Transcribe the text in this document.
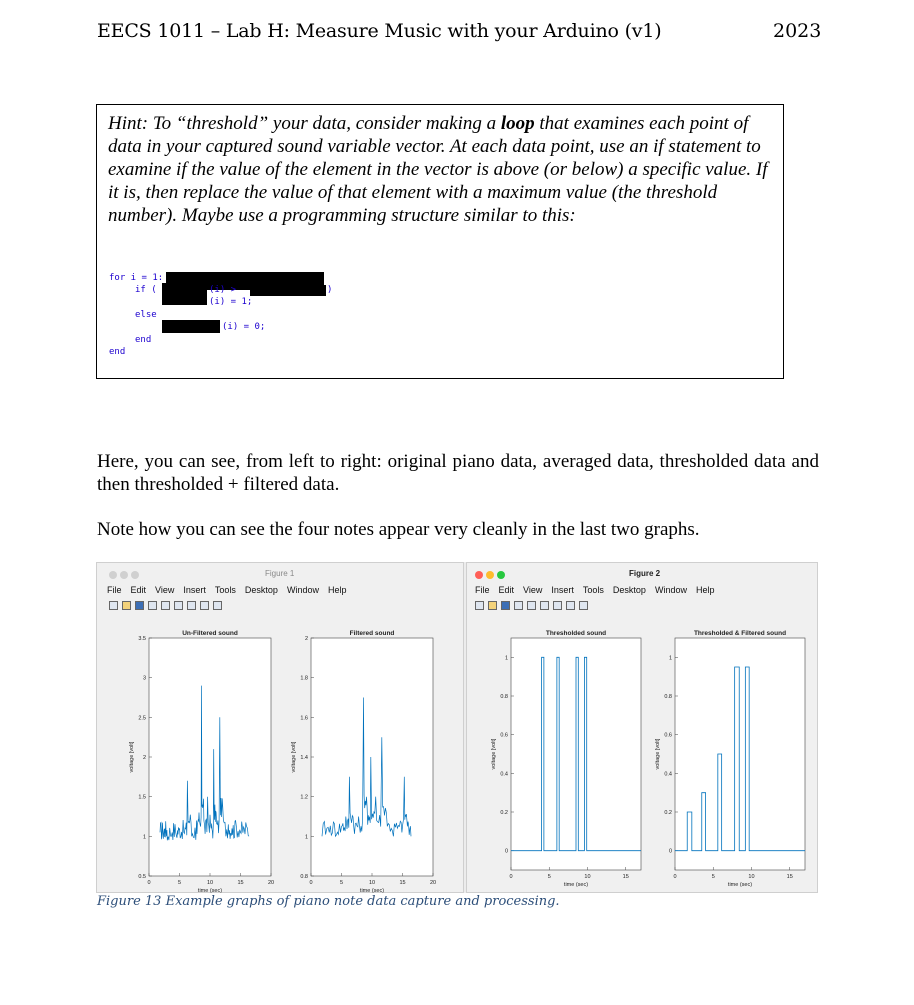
EECS 1011 – Lab H: Measure Music with your Arduino (v1)	2023
Hint: To “threshold” your data, consider making a loop that examines each point of data in your captured sound variable vector. At each data point, use an if statement to examine if the value of the element in the vector is above (or below) a specific value. If it is, then replace the value of that element with a maximum value (the threshold number). Maybe use a programming structure similar to this:
for i = 1:
if (	(i) >	)
(i) = 1;
else
(i) = 0;
end
end
Here, you can see, from left to right: original piano data, averaged data, thresholded data and then thresholded + filtered data.
Note how you can see the four notes appear very cleanly in the last two graphs.
Figure 1
File Edit View Insert Tools Desktop Window Help
Un-Filtered sound
0	5	10	15	20
0.5
1
1.5
2
2.5
3
3.5
time (sec)
voltage [volt]
Filtered sound
0	5	10	15	20
0.8
1
1.2
1.4
1.6
1.8
2
time (sec)
voltage [volt]
Figure 2
File Edit View Insert Tools Desktop Window Help
Thresholded sound
0	5	10	15
0
0.2
0.4
0.6
0.8
1
time (sec)
voltage [volt]
Thresholded & Filtered sound
0	5	10	15
0
0.2
0.4
0.6
0.8
1
time (sec)
voltage [volt]
Figure 13 Example graphs of piano note data capture and processing.
